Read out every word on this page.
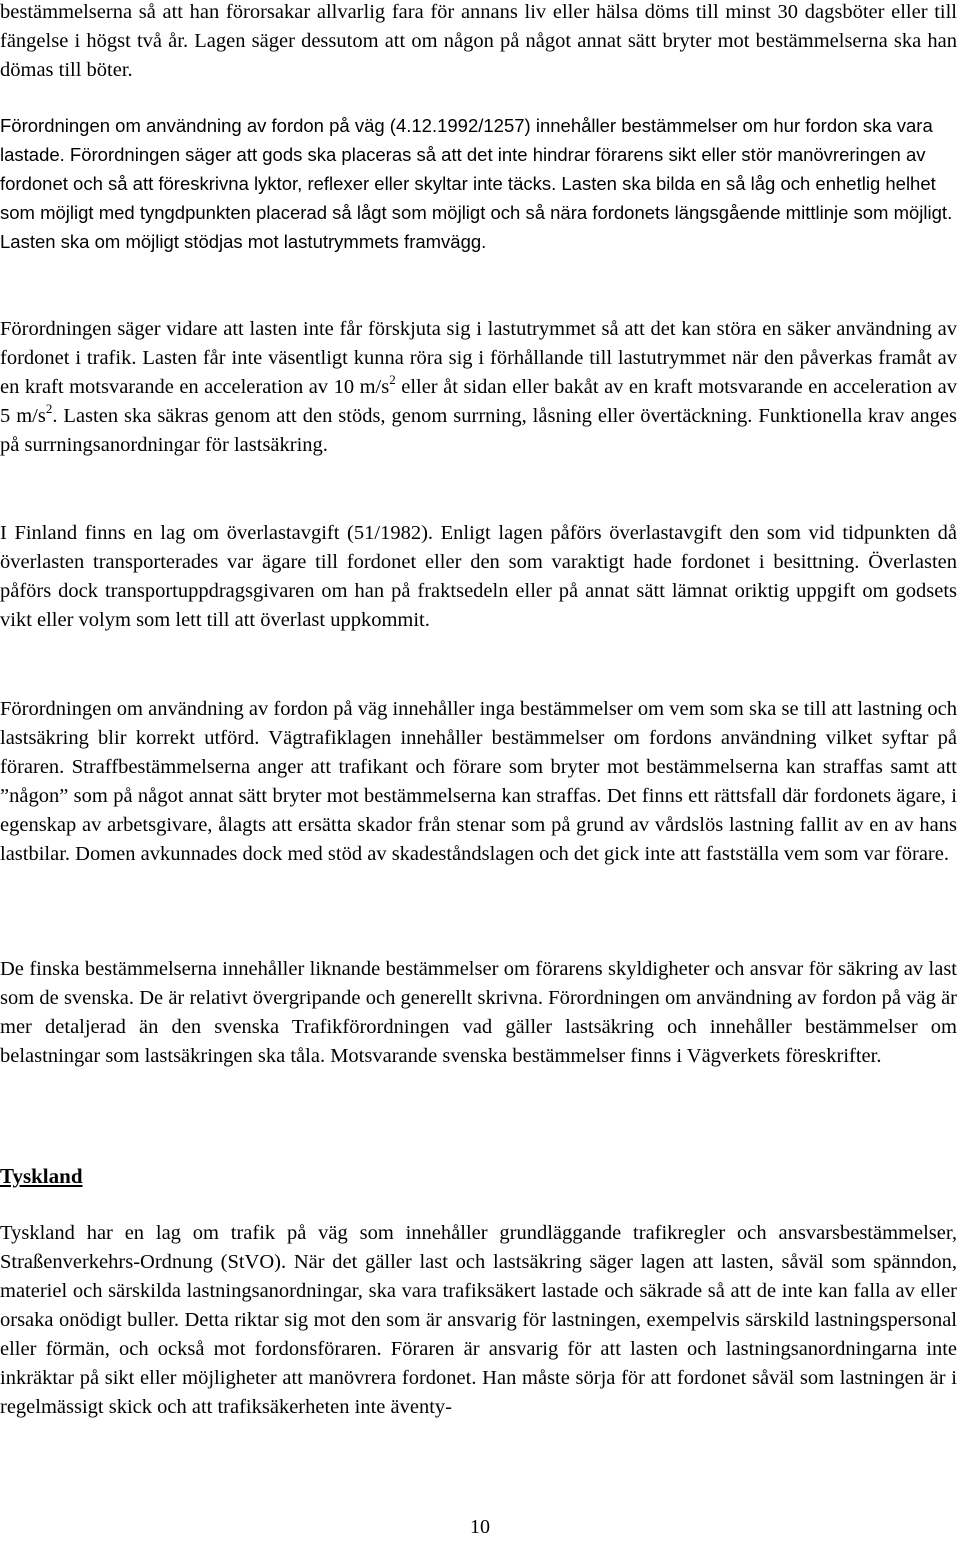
bestämmelserna så att han förorsakar allvarlig fara för annans liv eller hälsa döms till minst 30 dagsböter eller till fängelse i högst två år. Lagen säger dessutom att om någon på något annat sätt bryter mot bestämmelserna ska han dömas till böter.

Förordningen om användning av fordon på väg (4.12.1992/1257) innehåller bestämmelser om hur fordon ska vara lastade. Förordningen säger att gods ska placeras så att det inte hindrar förarens sikt eller stör manövreringen av fordonet och så att föreskrivna lyktor, reflexer eller skyltar inte täcks. Lasten ska bilda en så låg och enhetlig helhet som möjligt med tyngdpunkten placerad så lågt som möjligt och så nära fordonets längsgående mittlinje som möjligt. Lasten ska om möjligt stödjas mot lastutrymmets framvägg.

Förordningen säger vidare att lasten inte får förskjuta sig i lastutrymmet så att det kan störa en säker användning av fordonet i trafik. Lasten får inte väsentligt kunna röra sig i förhållande till lastutrymmet när den påverkas framåt av en kraft motsvarande en acceleration av 10 $m/s^2$ eller åt sidan eller bakåt av en kraft motsvarande en acceleration av 5 $m/s^2$. Lasten ska säkras genom att den stöds, genom surrning, låsning eller övertäckning. Funktionella krav anges på surrningsanordningar för lastsäkring.

I Finland finns en lag om överlastavgift (51/1982). Enligt lagen påförs överlastavgift den som vid tidpunkten då överlasten transporterades var ägare till fordonet eller den som varaktigt hade fordonet i besittning. Överlasten påförs dock transportuppdragsgivaren om han på fraktsedeln eller på annat sätt lämnat oriktig uppgift om godsets vikt eller volym som lett till att överlast uppkommit.

Förordningen om användning av fordon på väg innehåller inga bestämmelser om vem som ska se till att lastning och lastsäkring blir korrekt utförd. Vägtrafiklagen innehåller bestämmelser om fordons användning vilket syftar på föraren. Straffbestämmelserna anger att trafikant och förare som bryter mot bestämmelserna kan straffas samt att ”någon” som på något annat sätt bryter mot bestämmelserna kan straffas. Det finns ett rättsfall där fordonets ägare, i egenskap av arbetsgivare, ålagts att ersätta skador från stenar som på grund av vårdslös lastning fallit av en av hans lastbilar. Domen avkunnades dock med stöd av skadeståndslagen och det gick inte att fastställa vem som var förare.

De finska bestämmelserna innehåller liknande bestämmelser om förarens skyldigheter och ansvar för säkring av last som de svenska. De är relativt övergripande och generellt skrivna. Förordningen om användning av fordon på väg är mer detaljerad än den svenska Trafikförordningen vad gäller lastsäkring och innehåller bestämmelser om belastningar som lastsäkringen ska tåla. Motsvarande svenska bestämmelser finns i Vägverkets föreskrifter.

Tyskland

Tyskland har en lag om trafik på väg som innehåller grundläggande trafikregler och ansvarsbestämmelser, Straßenverkehrs-Ordnung (StVO). När det gäller last och lastsäkring säger lagen att lasten, såväl som spänndon, materiel och särskilda lastningsanordningar, ska vara trafiksäkert lastade och säkrade så att de inte kan falla av eller orsaka onödigt buller. Detta riktar sig mot den som är ansvarig för lastningen, exempelvis särskild lastningspersonal eller förmän, och också mot fordonsföraren. Föraren är ansvarig för att lasten och lastningsanordningarna inte inkräktar på sikt eller möjligheter att manövrera fordonet. Han måste sörja för att fordonet såväl som lastningen är i regelmässigt skick och att trafiksäkerheten inte äventy-

10
